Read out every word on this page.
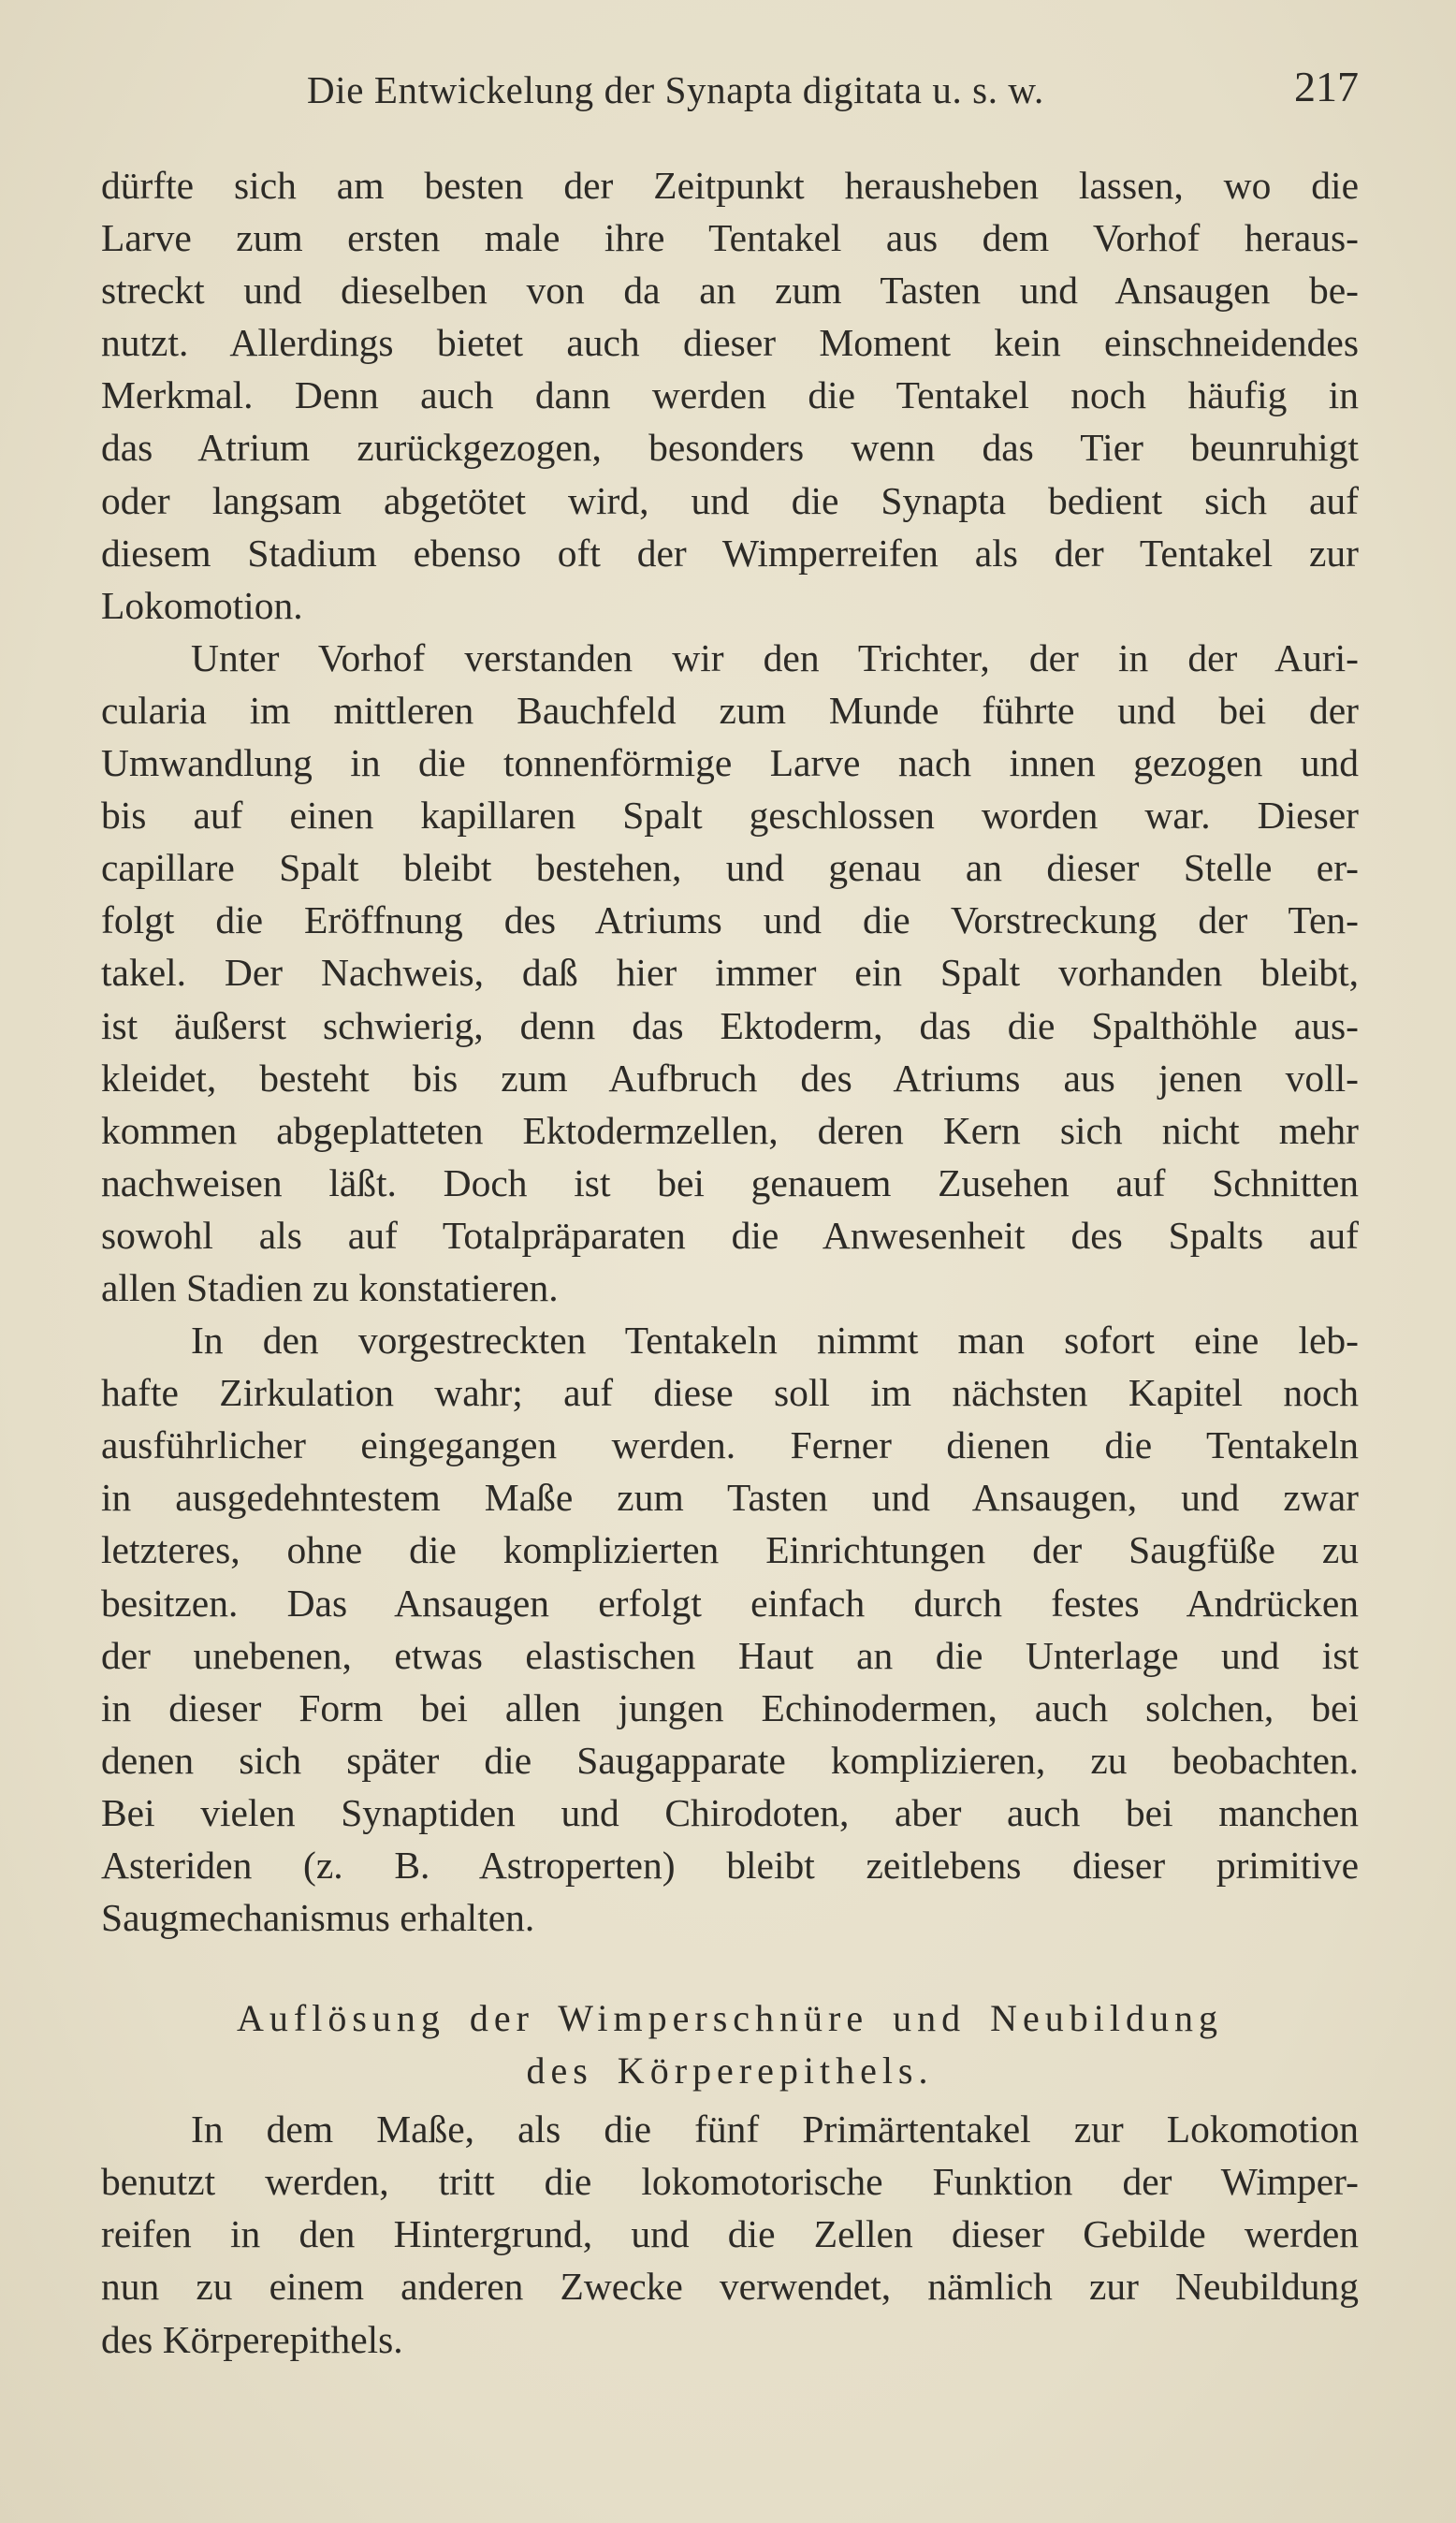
Die Entwickelung der Synapta digitata u. s. w.	217

dürfte sich am besten der Zeitpunkt herausheben lassen, wo die

Larve zum ersten male ihre Tentakel aus dem Vorhof heraus-

streckt und dieselben von da an zum Tasten und Ansaugen be-

nutzt. Allerdings bietet auch dieser Moment kein einschneidendes

Merkmal. Denn auch dann werden die Tentakel noch häufig in

das Atrium zurückgezogen, besonders wenn das Tier beunruhigt

oder langsam abgetötet wird, und die Synapta bedient sich auf

diesem Stadium ebenso oft der Wimperreifen als der Tentakel zur

Lokomotion.

Unter Vorhof verstanden wir den Trichter, der in der Auri-

cularia im mittleren Bauchfeld zum Munde führte und bei der

Umwandlung in die tonnenförmige Larve nach innen gezogen und

bis auf einen kapillaren Spalt geschlossen worden war. Dieser

capillare Spalt bleibt bestehen, und genau an dieser Stelle er-

folgt die Eröffnung des Atriums und die Vorstreckung der Ten-

takel. Der Nachweis, daß hier immer ein Spalt vorhanden bleibt,

ist äußerst schwierig, denn das Ektoderm, das die Spalthöhle aus-

kleidet, besteht bis zum Aufbruch des Atriums aus jenen voll-

kommen abgeplatteten Ektodermzellen, deren Kern sich nicht mehr

nachweisen läßt. Doch ist bei genauem Zusehen auf Schnitten

sowohl als auf Totalpräparaten die Anwesenheit des Spalts auf

allen Stadien zu konstatieren.

In den vorgestreckten Tentakeln nimmt man sofort eine leb-

hafte Zirkulation wahr; auf diese soll im nächsten Kapitel noch

ausführlicher eingegangen werden. Ferner dienen die Tentakeln

in ausgedehntestem Maße zum Tasten und Ansaugen, und zwar

letzteres, ohne die komplizierten Einrichtungen der Saugfüße zu

besitzen. Das Ansaugen erfolgt einfach durch festes Andrücken

der unebenen, etwas elastischen Haut an die Unterlage und ist

in dieser Form bei allen jungen Echinodermen, auch solchen, bei

denen sich später die Saugapparate komplizieren, zu beobachten.

Bei vielen Synaptiden und Chirodoten, aber auch bei manchen

Asteriden (z. B. Astroperten) bleibt zeitlebens dieser primitive

Saugmechanismus erhalten.

Auflösung der Wimperschnüre und Neubildung
des Körperepithels.

In dem Maße, als die fünf Primärtentakel zur Lokomotion

benutzt werden, tritt die lokomotorische Funktion der Wimper-

reifen in den Hintergrund, und die Zellen dieser Gebilde werden

nun zu einem anderen Zwecke verwendet, nämlich zur Neubildung

des Körperepithels.
